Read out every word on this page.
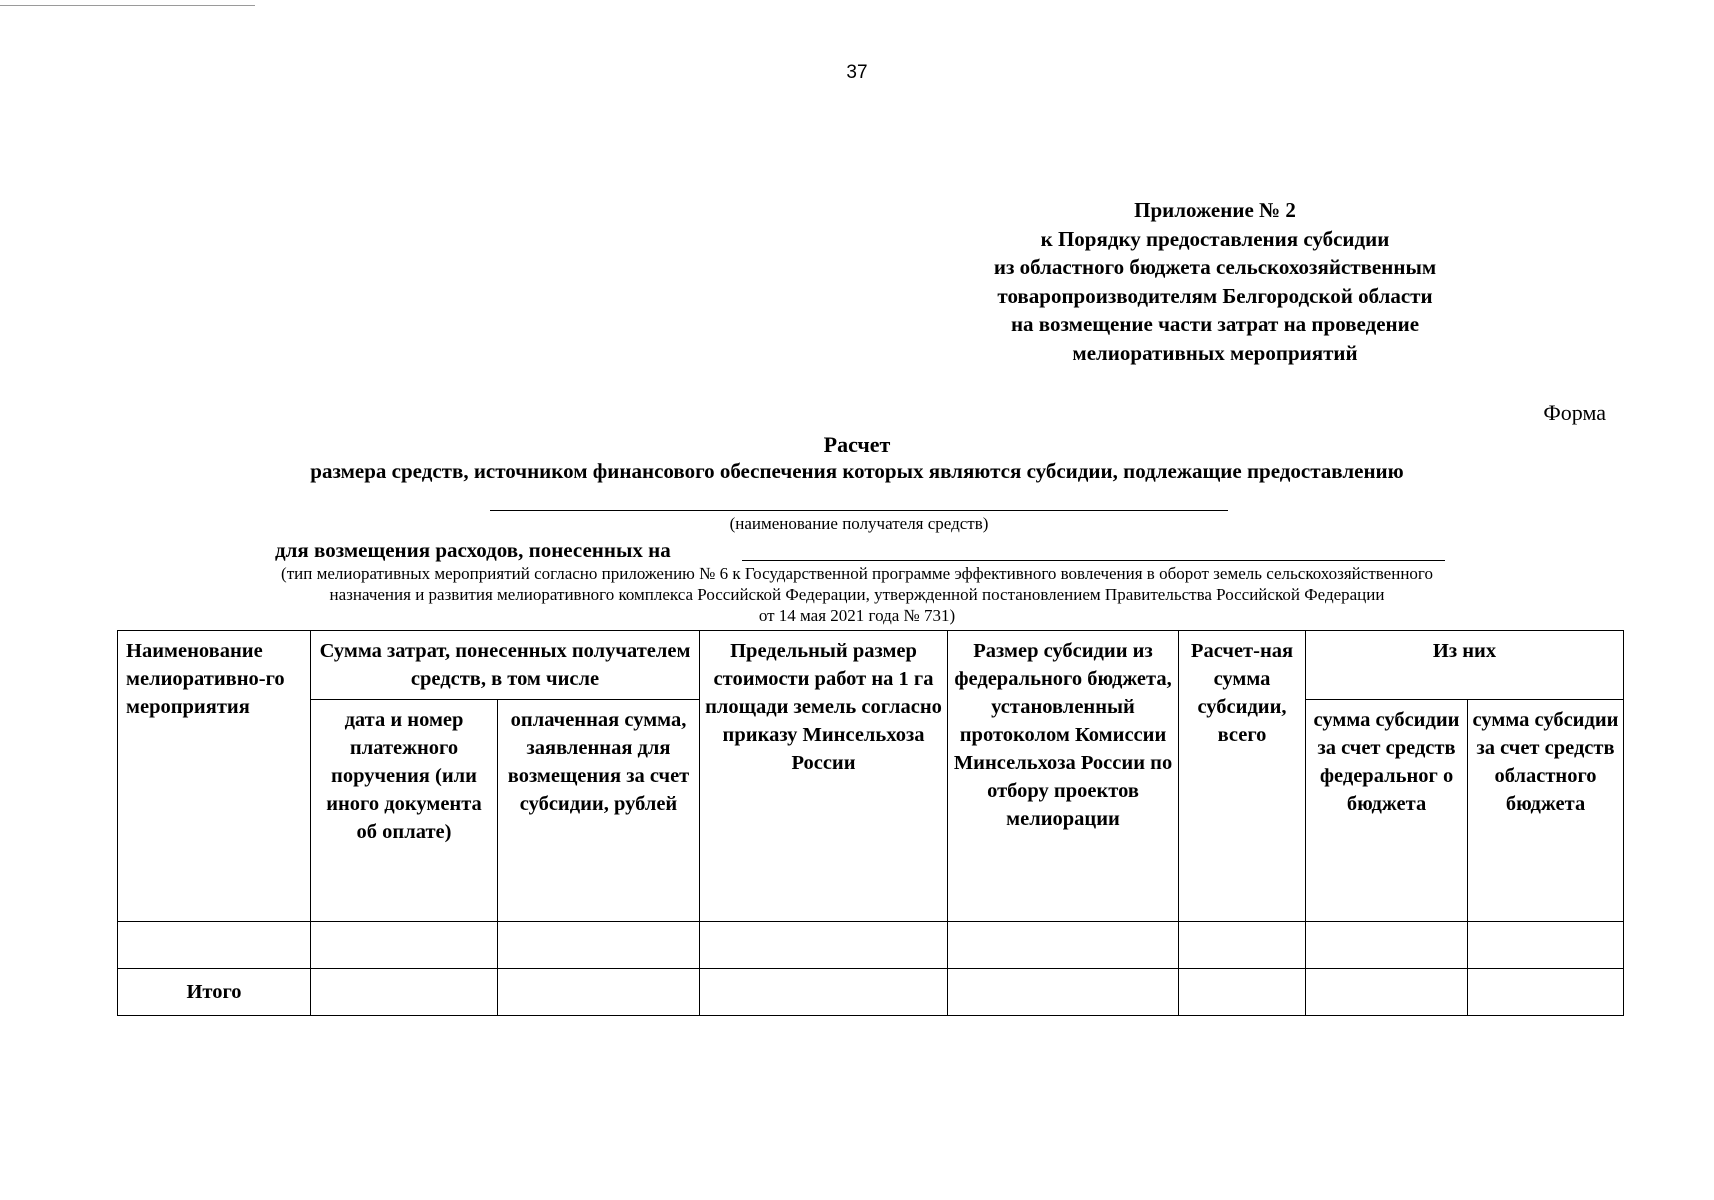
37
Приложение № 2
к Порядку предоставления субсидии
из областного бюджета сельскохозяйственным
товаропроизводителям Белгородской области
на возмещение части затрат на проведение
мелиоративных мероприятий
Форма
Расчет
размера средств, источником финансового обеспечения которых являются субсидии, подлежащие предоставлению
(наименование получателя средств)
для возмещения расходов, понесенных на
(тип мелиоративных мероприятий согласно приложению № 6 к Государственной программе эффективного вовлечения в оборот земель сельскохозяйственного
назначения и развития мелиоративного комплекса Российской Федерации, утвержденной постановлением Правительства Российской Федерации
от 14 мая 2021 года № 731)
Наименование мелиоративно-го мероприятия	Сумма затрат, понесенных получателем средств, в том числе		Предельный размер стоимости работ на 1 га площади земель согласно приказу Минсельхоза России	Размер субсидии из федерального бюджета, установленный протоколом Комиссии Минсельхоза России по отбору проектов мелиорации	Расчет-ная сумма субсидии, всего	Из них	
	дата и номер платежного поручения (или иного документа об оплате)	оплаченная сумма, заявленная для возмещения за счет субсидии, рублей				сумма субсидии за счет средств федеральног о бюджета	сумма субсидии за счет средств областного бюджета

Итого							
